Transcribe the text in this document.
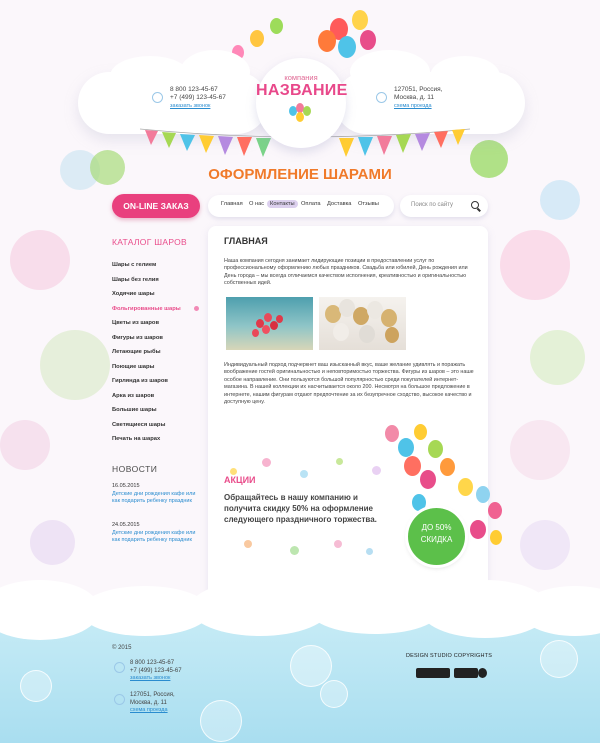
8 800 123-45-67
+7 (499) 123-45-67
заказать звонок
127051, Россия,
Москва, д. 11
схема проезда
компания
НАЗВАНИЕ
ОФОРМЛЕНИЕ ШАРАМИ
ON-LINE ЗАКАЗ	Главная О нас	Контакты	Оплата Доставка Отзывы	Поиск по сайту
КАТАЛОГ ШАРОВ
Шары с гелием
Шары без гелия
Ходячие шары
Фольгированные шары
Цветы из шаров
Фигуры из шаров
Летающие рыбы
Поющие шары
Гирлянда из шаров
Арка из шаров
Большие шары
Светящиеся шары
Печать на шарах
НОВОСТИ
16.05.2015
Детские дни рождения кафе или как подарить ребенку праздник
24.05.2015
Детские дни рождения кафе или как подарить ребенку праздник
ГЛАВНАЯ
Наша компания сегодня занимает лидирующие позиции в предоставлении услуг по профессиональному оформлению любых праздников. Свадьба или юбилей, День рождения или День города – мы всегда отличаемся качеством исполнения, креативностью и оригинальностью собственных идей.
Индивидуальный подход подчеркнет ваш изысканный вкус, ваше желание удивлять и поражать воображение гостей оригинальностью и неповторимостью торжества. Фигуры из шаров – это наше особое направление. Они пользуются большой популярностью среди покупателей интернет-магазина. В нашей коллекции их насчитывается около 200. Несмотря на большое предложение в интернете, нашим фигурам отдают предпочтение за их безупречное сходство, высокое качество и доступную цену.
АКЦИИ
Обращайтесь в нашу компанию и получита скидку 50% на оформление следующего праздничного торжества.
ДО 50%
СКИДКА
© 2015
8 800 123-45-67
+7 (499) 123-45-67
заказать звонок
127051, Россия,
Москва, д. 11
схема проезда
DESIGN STUDIO COPYRIGHTS
